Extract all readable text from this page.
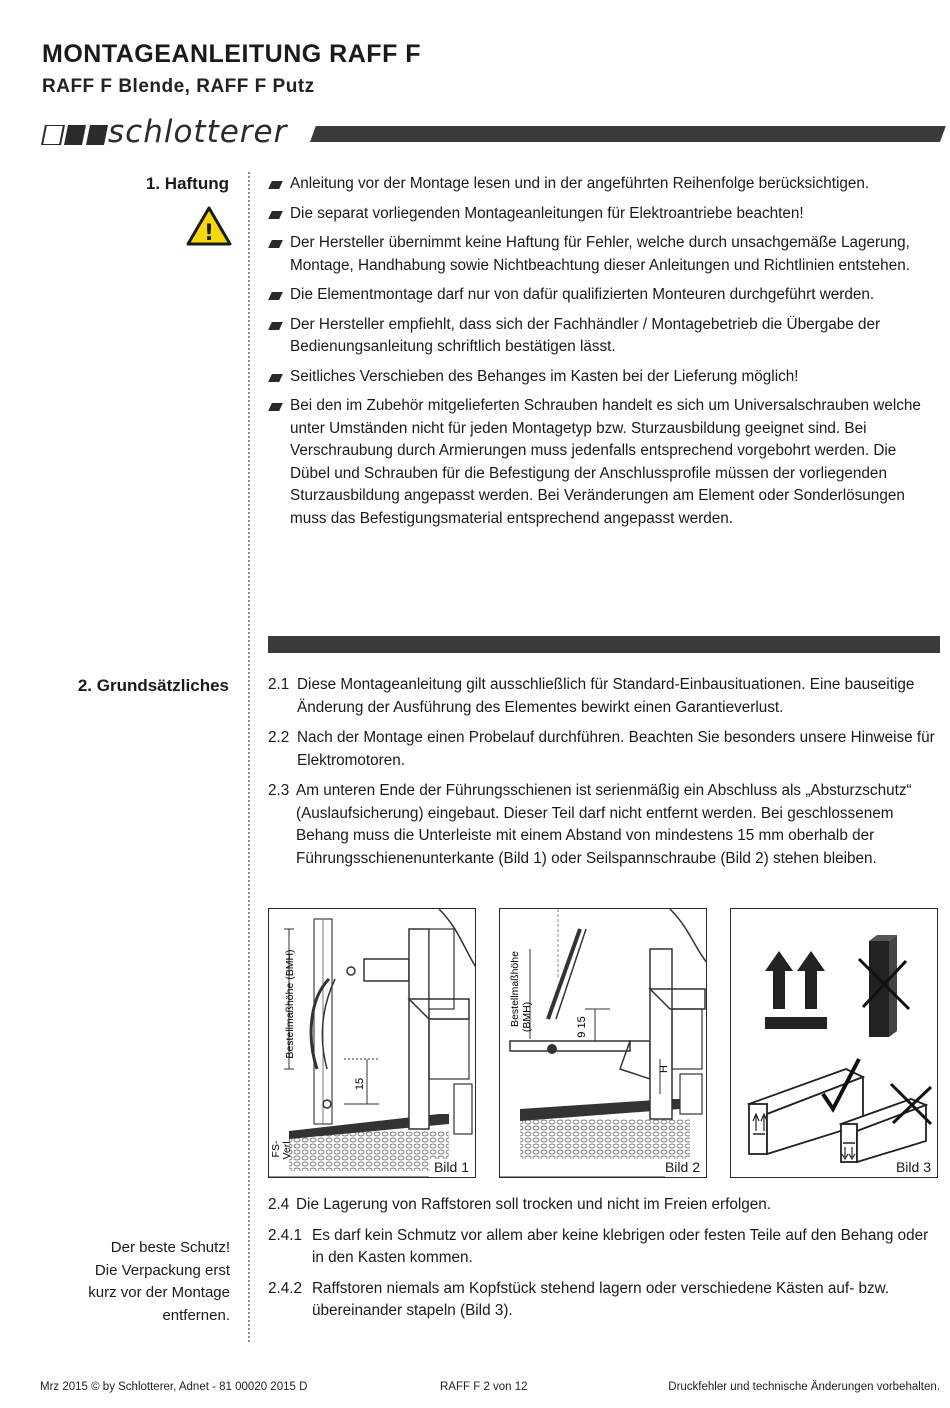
MONTAGEANLEITUNG RAFF F
RAFF F Blende, RAFF F Putz
schlotterer
1. Haftung
!
Anleitung vor der Montage lesen und in der angeführten Reihenfolge berücksichtigen.
Die separat vorliegenden Montageanleitungen für Elektroantriebe beachten!
Der Hersteller übernimmt keine Haftung für Fehler, welche durch unsachgemäße Lagerung, Montage, Handhabung sowie Nichtbeachtung dieser Anleitungen und Richtlinien entstehen.
Die Elementmontage darf nur von dafür qualifizierten Monteuren durchgeführt werden.
Der Hersteller empfiehlt, dass sich der Fachhändler / Montagebetrieb die Übergabe der Bedienungsanleitung schriftlich bestätigen lässt.
Seitliches Verschieben des Behanges im Kasten bei der Lieferung möglich!
Bei den im Zubehör mitgelieferten Schrauben handelt es sich um Universalschrauben welche unter Umständen nicht für jeden Montagetyp bzw. Sturzausbildung geeignet sind. Bei Verschraubung durch Armierungen muss jedenfalls entsprechend vorgebohrt werden. Die Dübel und Schrauben für die Befestigung der Anschlussprofile müssen der vorliegenden Sturzausbildung angepasst werden. Bei Veränderungen am Element oder Sonderlösungen muss das Befestigungsmaterial entsprechend angepasst werden.
2. Grundsätzliches	2.1 Diese Montageanleitung gilt ausschließlich für Standard-Einbausituationen. Eine bauseitige Änderung der Ausführung des Elementes bewirkt einen Garantieverlust.
2.2 Nach der Montage einen Probelauf durchführen. Beachten Sie besonders unsere Hinweise für Elektromotoren.
2.3 Am unteren Ende der Führungsschienen ist serienmäßig ein Abschluss als „Absturzschutz“ (Auslaufsicherung) eingebaut. Dieser Teil darf nicht entfernt werden. Bei geschlossenem Behang muss die Unterleiste mit einem Abstand von mindestens 15 mm oberhalb der Führungsschienenunterkante (Bild 1) oder Seilspannschraube (Bild 2) stehen bleiben.
15
Bestellmaßhöhe (BMH)
FS- Verl.
Bild 1
Bestellmaßhöhe (BMH)	9 15
H
Bild 2	Bild 3
2.4 Die Lagerung von Raffstoren soll trocken und nicht im Freien erfolgen.
2.4.1 Es darf kein Schmutz vor allem aber keine klebrigen oder festen Teile auf den Behang oder in den Kasten kommen.
2.4.2 Raffstoren niemals am Kopfstück stehend lagern oder verschiedene Kästen auf- bzw. übereinander stapeln (Bild 3).
Der beste Schutz!
Die Verpackung erst
kurz vor der Montage
entfernen.
Mrz 2015 © by Schlotterer, Adnet - 81 00020 2015 D	RAFF F 2 von 12	Druckfehler und technische Änderungen vorbehalten.
